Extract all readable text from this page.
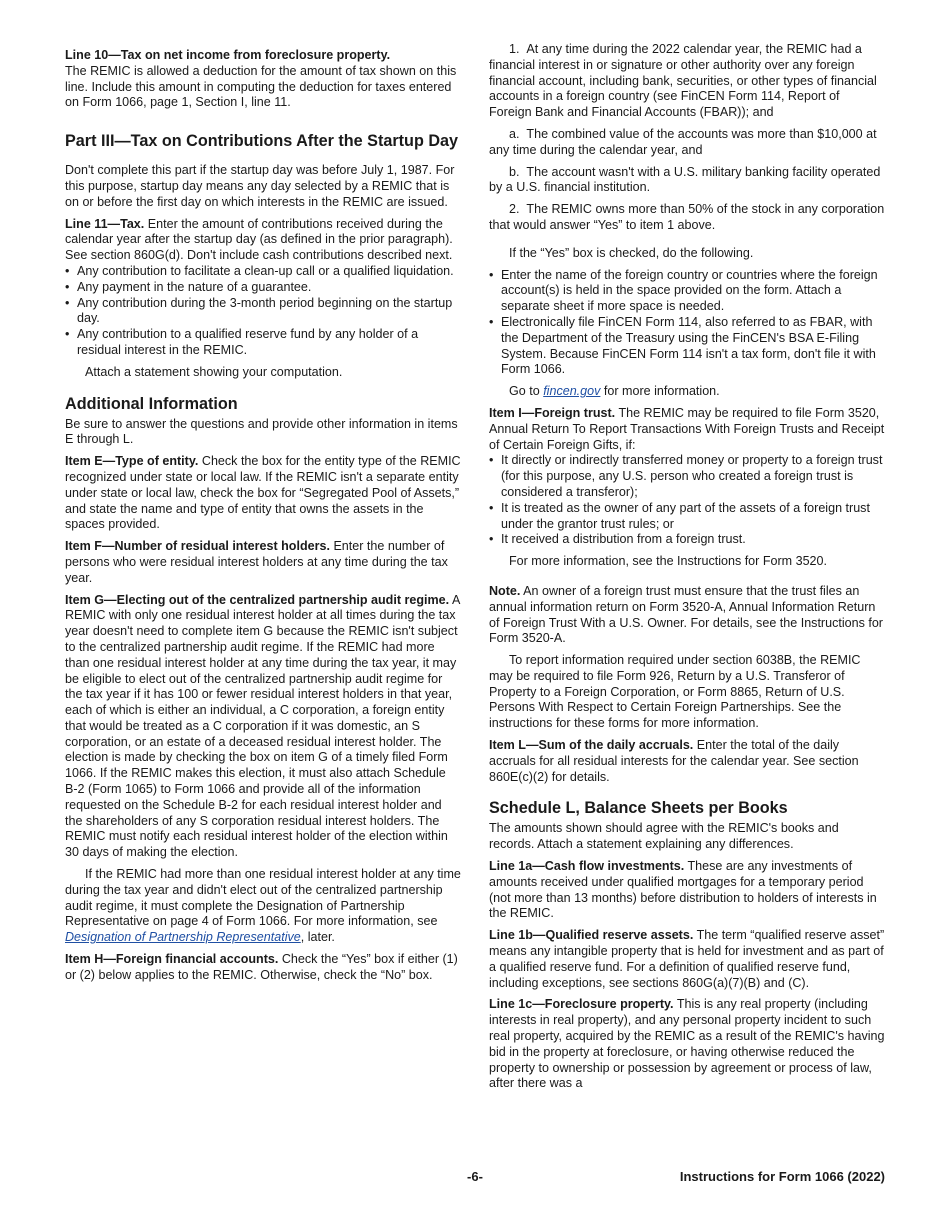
Line 10—Tax on net income from foreclosure property.
The REMIC is allowed a deduction for the amount of tax shown on this line. Include this amount in computing the deduction for taxes entered on Form 1066, page 1, Section I, line 11.

Part III—Tax on Contributions After the Startup Day

Don't complete this part if the startup day was before July 1, 1987. For this purpose, startup day means any day selected by a REMIC that is on or before the first day on which interests in the REMIC are issued.

Line 11—Tax. Enter the amount of contributions received during the calendar year after the startup day (as defined in the prior paragraph). See section 860G(d). Don't include cash contributions described next.

• Any contribution to facilitate a clean-up call or a qualified liquidation.

• Any payment in the nature of a guarantee.

• Any contribution during the 3-month period beginning on the startup day.

• Any contribution to a qualified reserve fund by any holder of a residual interest in the REMIC.

Attach a statement showing your computation.

Additional Information

Be sure to answer the questions and provide other information in items E through L.

Item E—Type of entity. Check the box for the entity type of the REMIC recognized under state or local law. If the REMIC isn't a separate entity under state or local law, check the box for “Segregated Pool of Assets,” and state the name and type of entity that owns the assets in the spaces provided.

Item F—Number of residual interest holders. Enter the number of persons who were residual interest holders at any time during the tax year.

Item G—Electing out of the centralized partnership audit regime. A REMIC with only one residual interest holder at all times during the tax year doesn't need to complete item G because the REMIC isn't subject to the centralized partnership audit regime. If the REMIC had more than one residual interest holder at any time during the tax year, it may be eligible to elect out of the centralized partnership audit regime for the tax year if it has 100 or fewer residual interest holders in that year, each of which is either an individual, a C corporation, a foreign entity that would be treated as a C corporation if it was domestic, an S corporation, or an estate of a deceased residual interest holder. The election is made by checking the box on item G of a timely filed Form 1066. If the REMIC makes this election, it must also attach Schedule B-2 (Form 1065) to Form 1066 and provide all of the information requested on the Schedule B-2 for each residual interest holder and the shareholders of any S corporation residual interest holders. The REMIC must notify each residual interest holder of the election within 30 days of making the election.

If the REMIC had more than one residual interest holder at any time during the tax year and didn't elect out of the centralized partnership audit regime, it must complete the Designation of Partnership Representative on page 4 of Form 1066. For more information, see Designation of Partnership Representative, later.

Item H—Foreign financial accounts. Check the “Yes” box if either (1) or (2) below applies to the REMIC. Otherwise, check the “No” box.

1.  At any time during the 2022 calendar year, the REMIC had a financial interest in or signature or other authority over any foreign financial account, including bank, securities, or other types of financial accounts in a foreign country (see FinCEN Form 114, Report of Foreign Bank and Financial Accounts (FBAR)); and

a.  The combined value of the accounts was more than $10,000 at any time during the calendar year, and

b.  The account wasn't with a U.S. military banking facility operated by a U.S. financial institution.

2.  The REMIC owns more than 50% of the stock in any corporation that would answer “Yes” to item 1 above.

If the “Yes” box is checked, do the following.

• Enter the name of the foreign country or countries where the foreign account(s) is held in the space provided on the form. Attach a separate sheet if more space is needed.

• Electronically file FinCEN Form 114, also referred to as FBAR, with the Department of the Treasury using the FinCEN's BSA E-Filing System. Because FinCEN Form 114 isn't a tax form, don't file it with Form 1066.

Go to fincen.gov for more information.

Item I—Foreign trust. The REMIC may be required to file Form 3520, Annual Return To Report Transactions With Foreign Trusts and Receipt of Certain Foreign Gifts, if:

• It directly or indirectly transferred money or property to a foreign trust (for this purpose, any U.S. person who created a foreign trust is considered a transferor);

• It is treated as the owner of any part of the assets of a foreign trust under the grantor trust rules; or

• It received a distribution from a foreign trust.

For more information, see the Instructions for Form 3520.

Note. An owner of a foreign trust must ensure that the trust files an annual information return on Form 3520-A, Annual Information Return of Foreign Trust With a U.S. Owner. For details, see the Instructions for Form 3520-A.

To report information required under section 6038B, the REMIC may be required to file Form 926, Return by a U.S. Transferor of Property to a Foreign Corporation, or Form 8865, Return of U.S. Persons With Respect to Certain Foreign Partnerships. See the instructions for these forms for more information.

Item L—Sum of the daily accruals. Enter the total of the daily accruals for all residual interests for the calendar year. See section 860E(c)(2) for details.

Schedule L, Balance Sheets per Books

The amounts shown should agree with the REMIC's books and records. Attach a statement explaining any differences.

Line 1a—Cash flow investments. These are any investments of amounts received under qualified mortgages for a temporary period (not more than 13 months) before distribution to holders of interests in the REMIC.

Line 1b—Qualified reserve assets. The term “qualified reserve asset” means any intangible property that is held for investment and as part of a qualified reserve fund. For a definition of qualified reserve fund, including exceptions, see sections 860G(a)(7)(B) and (C).

Line 1c—Foreclosure property. This is any real property (including interests in real property), and any personal property incident to such real property, acquired by the REMIC as a result of the REMIC's having bid in the property at foreclosure, or having otherwise reduced the property to ownership or possession by agreement or process of law, after there was a

-6-	Instructions for Form 1066 (2022)
